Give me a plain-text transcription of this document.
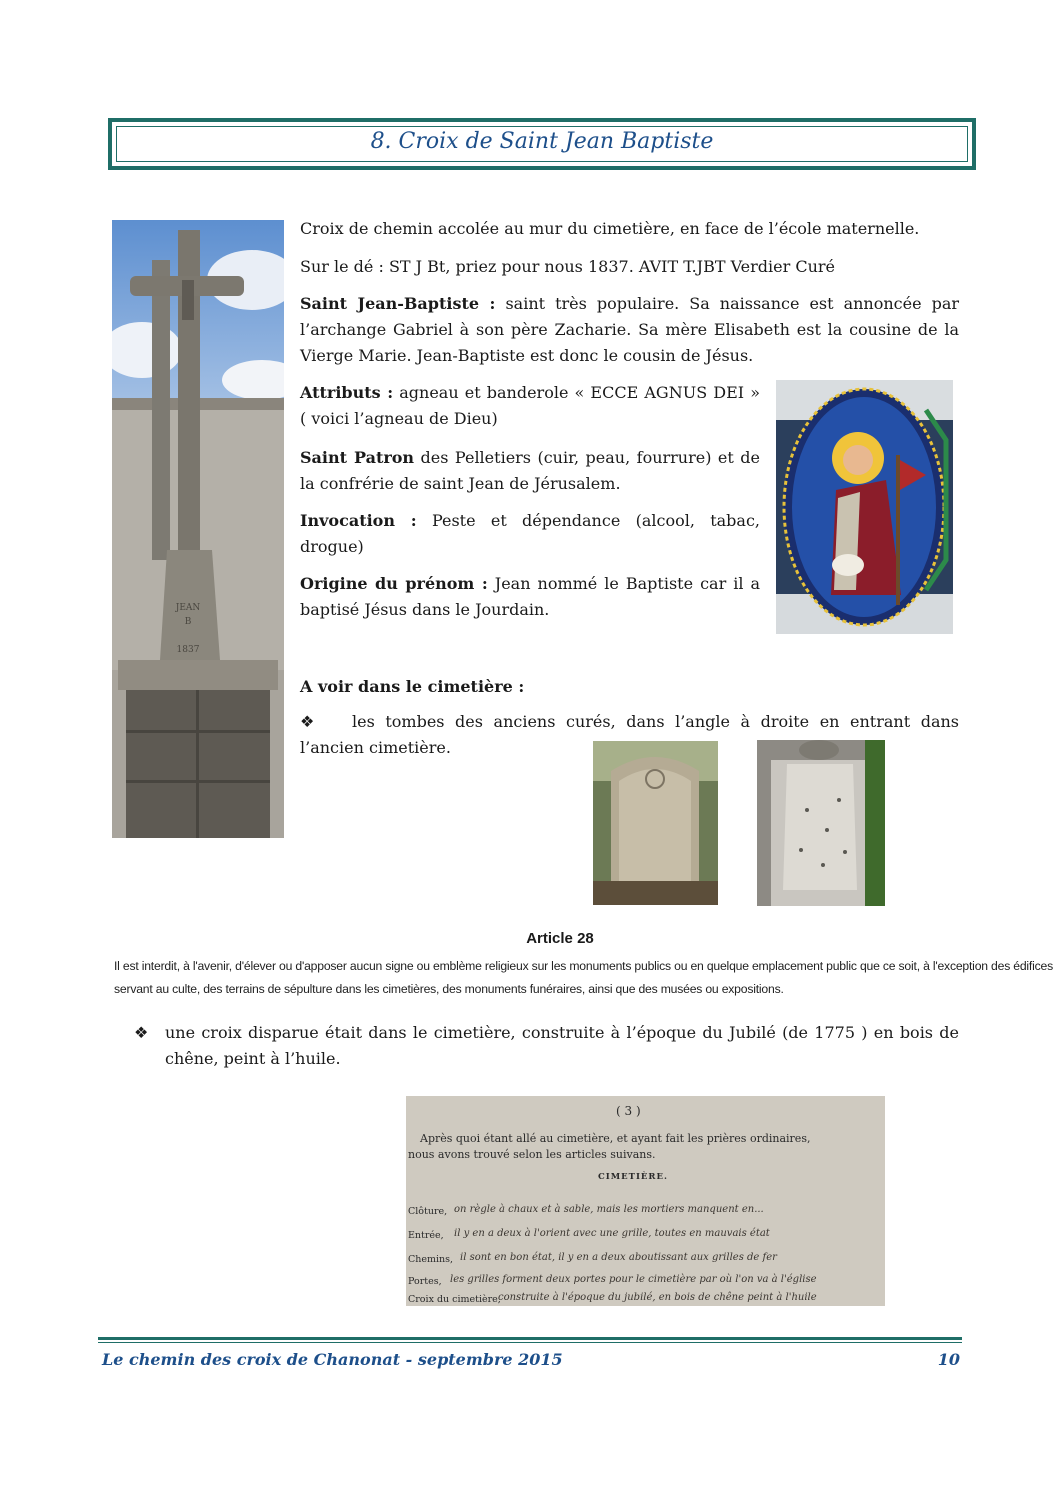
8. Croix de Saint Jean Baptiste
JEAN
B
1837
Croix de chemin accolée au mur du cimetière, en face de l’école maternelle.
Sur le dé : ST J Bt, priez pour nous 1837. AVIT T.JBT Verdier Curé
Saint Jean-Baptiste : saint très populaire. Sa naissance est annoncée par l’archange Gabriel à son père Zacharie. Sa mère Elisabeth est la cousine de la Vierge Marie. Jean-Baptiste est donc le cousin de Jésus.
Attributs : agneau et banderole « ECCE AGNUS DEI » ( voici l’agneau de Dieu)
Saint Patron des Pelletiers (cuir, peau, fourrure) et de la confrérie de saint Jean de Jérusalem.
Invocation : Peste et dépendance (alcool, tabac, drogue)
Origine du prénom : Jean nommé le Baptiste car il a baptisé Jésus dans le Jourdain.
A voir dans le cimetière :
❖ les tombes des anciens curés, dans l’angle à droite en entrant dans l’ancien cimetière.
Article 28
Il est interdit, à l'avenir, d'élever ou d'apposer aucun signe ou emblème religieux sur les monuments publics ou en quelque emplacement public que ce soit, à l'exception des édifices
servant au culte, des terrains de sépulture dans les cimetières, des monuments funéraires, ainsi que des musées ou expositions.
❖	une croix disparue était dans le cimetière, construite à l’époque du Jubilé (de 1775 ) en bois de chêne, peint à l’huile.
( 3 )
Après quoi étant allé au cimetière, et ayant fait les prières ordinaires,
nous avons trouvé selon les articles suivans.
CIMETIÈRE.
Clôture, on règle à chaux et à sable, mais les mortiers manquent en...
Entrée, il y en a deux à l'orient avec une grille, toutes en mauvais état
Chemins, il sont en bon état, il y en a deux aboutissant aux grilles de fer
Portes, les grilles forment deux portes pour le cimetière par où l'on va à l'église
Croix du cimetière,
construite à l'époque du jubilé, en bois de chêne peint à l'huile
Le chemin des croix de Chanonat - septembre 2015	10
